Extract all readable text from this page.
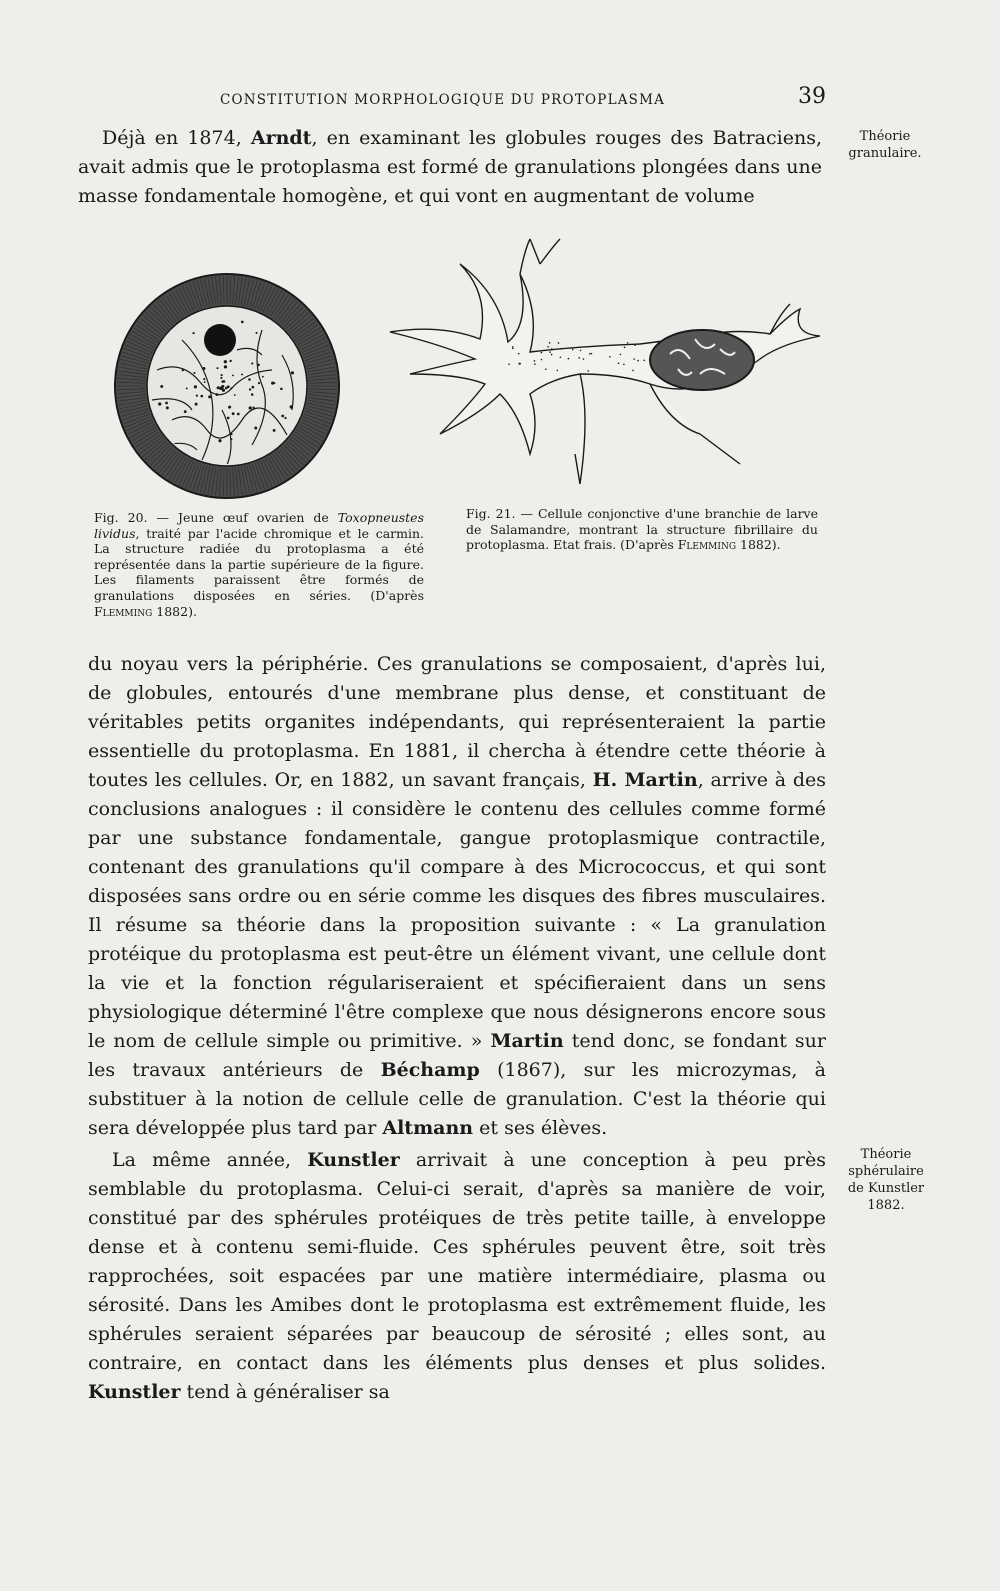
CONSTITUTION MORPHOLOGIQUE DU PROTOPLASMA	39

Déjà en 1874, Arndt, en examinant les globules rouges des Batraciens, avait admis que le protoplasma est formé de granulations plongées dans une masse fondamentale homogène, et qui vont en augmentant de volume

Théorie
granulaire.

Fig. 20. — Jeune œuf ovarien de Toxopneustes lividus, traité par l'acide chromique et le carmin. La structure radiée du protoplasma a été représentée dans la partie supérieure de la figure. Les filaments paraissent être formés de granulations disposées en séries. (D'après Flemming 1882).

Fig. 21. — Cellule conjonctive d'une branchie de larve de Salamandre, montrant la structure fibrillaire du protoplasma. Etat frais. (D'après Flemming 1882).

du noyau vers la périphérie. Ces granulations se composaient, d'après lui, de globules, entourés d'une membrane plus dense, et constituant de véritables petits organites indépendants, qui représenteraient la partie essentielle du protoplasma. En 1881, il chercha à étendre cette théorie à toutes les cellules. Or, en 1882, un savant français, H. Martin, arrive à des conclusions analogues : il considère le contenu des cellules comme formé par une substance fondamentale, gangue protoplasmique contractile, contenant des granulations qu'il compare à des Micrococcus, et qui sont disposées sans ordre ou en série comme les disques des fibres musculaires. Il résume sa théorie dans la proposition suivante : « La granulation protéique du protoplasma est peut-être un élément vivant, une cellule dont la vie et la fonction régulariseraient et spécifieraient dans un sens physiologique déterminé l'être complexe que nous désignerons encore sous le nom de cellule simple ou primitive. » Martin tend donc, se fondant sur les travaux antérieurs de Béchamp (1867), sur les microzymas, à substituer à la notion de cellule celle de granulation. C'est la théorie qui sera développée plus tard par Altmann et ses élèves.

La même année, Kunstler arrivait à une conception à peu près semblable du protoplasma. Celui-ci serait, d'après sa manière de voir, constitué par des sphérules protéiques de très petite taille, à enveloppe dense et à contenu semi-fluide. Ces sphérules peuvent être, soit très rapprochées, soit espacées par une matière intermédiaire, plasma ou sérosité. Dans les Amibes dont le protoplasma est extrêmement fluide, les sphérules seraient séparées par beaucoup de sérosité ; elles sont, au contraire, en contact dans les éléments plus denses et plus solides. Kunstler tend à généraliser sa

Théorie
sphérulaire
de Kunstler
1882.
